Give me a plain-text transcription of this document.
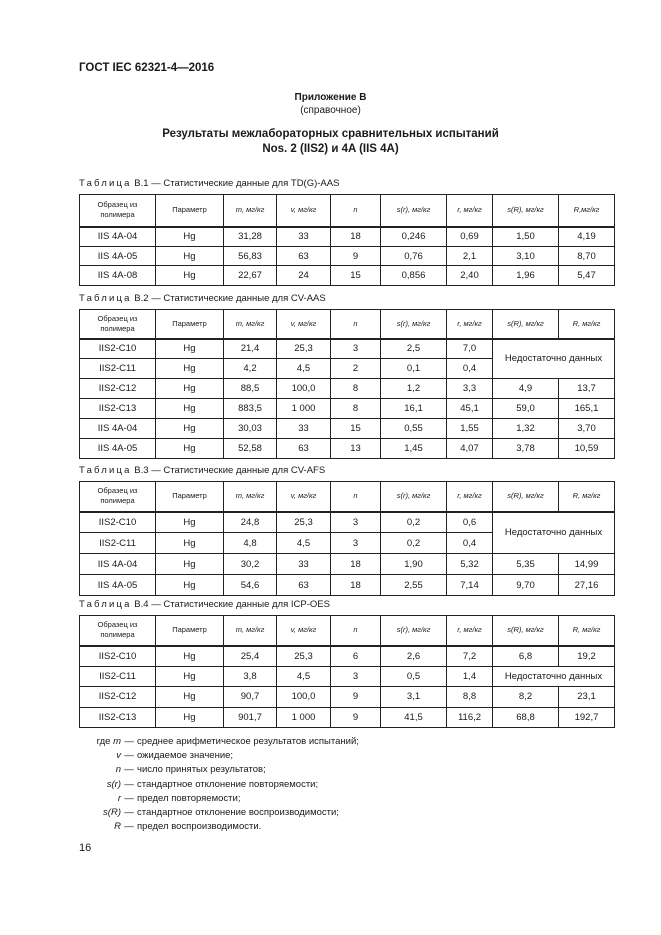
ГОСТ IEC 62321-4—2016
Приложение В
(справочное)
Результаты межлабораторных сравнительных испытаний
Nos. 2 (IIS2) и 4A (IIS 4A)
Таблица В.1 — Статистические данные для TD(G)-AAS
Образец из полимера	Параметр	m, мг/кг	v, мг/кг	n	s(r), мг/кг	r, мг/кг	s(R), мг/кг	R,мг/кг
IIS 4A-04	Hg	31,28	33	18	0,246	0,69	1,50	4,19
IIS 4A-05	Hg	56,83	63	9	0,76	2,1	3,10	8,70
IIS 4A-08	Hg	22,67	24	15	0,856	2,40	1,96	5,47
Таблица В.2 — Статистические данные для CV-AAS
Образец из полимера	Параметр	m, мг/кг	v, мг/кг	n	s(r), мг/кг	r, мг/кг	s(R), мг/кг	R, мг/кг
IIS2-C10	Hg	21,4	25,3	3	2,5	7,0	Недостаточно данных	
IIS2-C11	Hg	4,2	4,5	2	0,1	0,4		
IIS2-C12	Hg	88,5	100,0	8	1,2	3,3	4,9	13,7
IIS2-C13	Hg	883,5	1 000	8	16,1	45,1	59,0	165,1
IIS 4A-04	Hg	30,03	33	15	0,55	1,55	1,32	3,70
IIS 4A-05	Hg	52,58	63	13	1,45	4,07	3,78	10,59
Таблица В.3 — Статистические данные для CV-AFS
Образец из полимера	Параметр	m, мг/кг	v, мг/кг	n	s(r), мг/кг	r, мг/кг	s(R), мг/кг	R, мг/кг
IIS2-C10	Hg	24,8	25,3	3	0,2	0,6	Недостаточно данных	
IIS2-C11	Hg	4,8	4,5	3	0,2	0,4		
IIS 4A-04	Hg	30,2	33	18	1,90	5,32	5,35	14,99
IIS 4A-05	Hg	54,6	63	18	2,55	7,14	9,70	27,16
Таблица В.4 — Статистические данные для ICP-OES
Образец из полимера	Параметр	m, мг/кг	v, мг/кг	n	s(r), мг/кг	r, мг/кг	s(R), мг/кг	R, мг/кг
IIS2-C10	Hg	25,4	25,3	6	2,6	7,2	6,8	19,2
IIS2-C11	Hg	3,8	4,5	3	0,5	1,4	Недостаточно данных	
IIS2-C12	Hg	90,7	100,0	9	3,1	8,8	8,2	23,1
IIS2-C13	Hg	901,7	1 000	9	41,5	116,2	68,8	192,7
где m — среднее арифметическое результатов испытаний;
v — ожидаемое значение;
n — число принятых результатов;
s(r) — стандартное отклонение повторяемости;
r — предел повторяемости;
s(R) — стандартное отклонение воспроизводимости;
R — предел воспроизводимости.
16
